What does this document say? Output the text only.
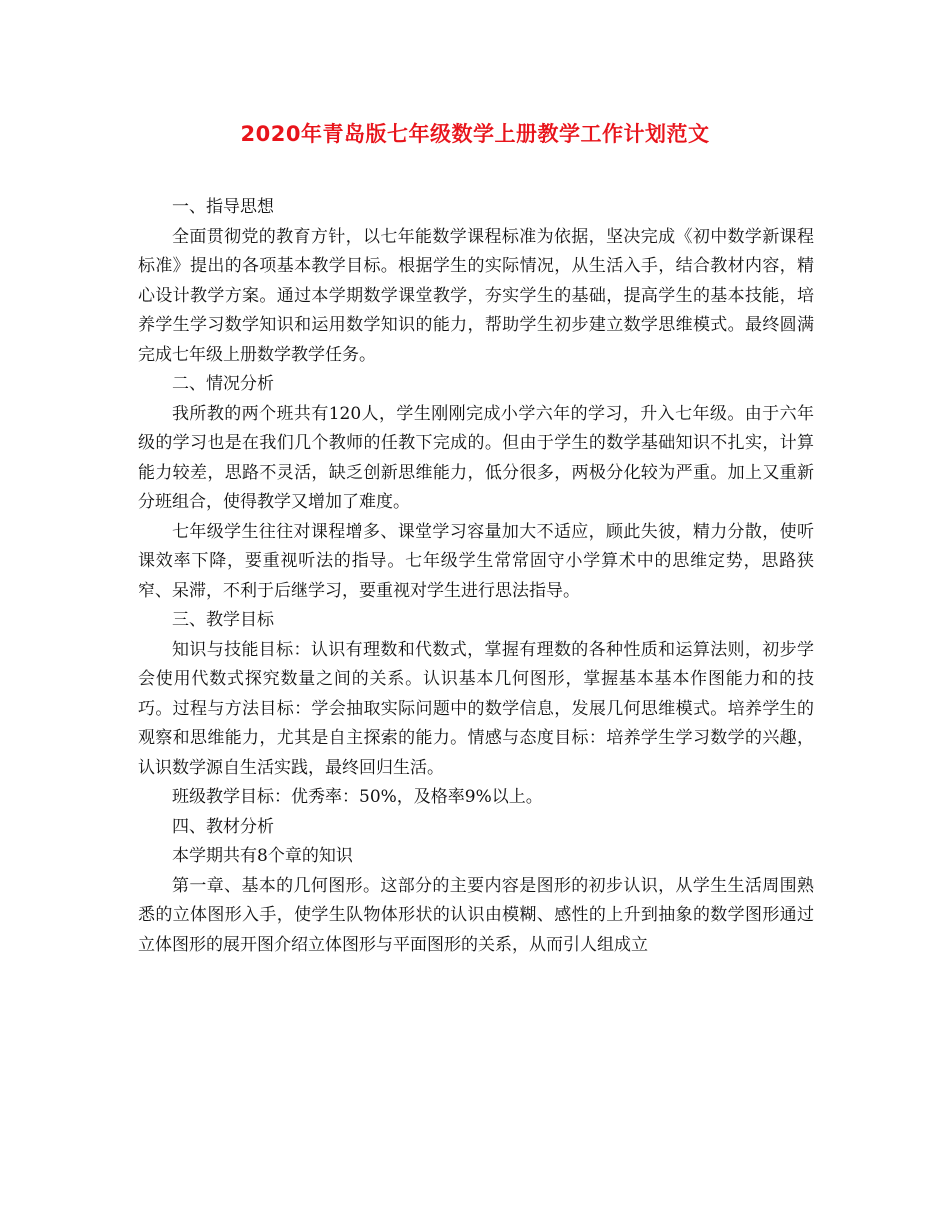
2020年青岛版七年级数学上册教学工作计划范文

一、指导思想

全面贯彻党的教育方针，以七年能数学课程标准为依据，坚决完成《初中数学新课程标准》提出的各项基本教学目标。根据学生的实际情况，从生活入手，结合教材内容，精心设计教学方案。通过本学期数学课堂教学，夯实学生的基础，提高学生的基本技能，培养学生学习数学知识和运用数学知识的能力，帮助学生初步建立数学思维模式。最终圆满完成七年级上册数学教学任务。

二、情况分析

我所教的两个班共有120人，学生刚刚完成小学六年的学习，升入七年级。由于六年级的学习也是在我们几个教师的任教下完成的。但由于学生的数学基础知识不扎实，计算能力较差，思路不灵活，缺乏创新思维能力，低分很多，两极分化较为严重。加上又重新分班组合，使得教学又增加了难度。

七年级学生往往对课程增多、课堂学习容量加大不适应，顾此失彼，精力分散，使听课效率下降，要重视听法的指导。七年级学生常常固守小学算术中的思维定势，思路狭窄、呆滞，不利于后继学习，要重视对学生进行思法指导。

三、教学目标

知识与技能目标：认识有理数和代数式，掌握有理数的各种性质和运算法则，初步学会使用代数式探究数量之间的关系。认识基本几何图形，掌握基本基本作图能力和的技巧。过程与方法目标：学会抽取实际问题中的数学信息，发展几何思维模式。培养学生的观察和思维能力，尤其是自主探索的能力。情感与态度目标：培养学生学习数学的兴趣，认识数学源自生活实践，最终回归生活。

班级教学目标：优秀率：50%，及格率9%以上。

四、教材分析

本学期共有8个章的知识

第一章、基本的几何图形。这部分的主要内容是图形的初步认识，从学生生活周围熟悉的立体图形入手，使学生队物体形状的认识由模糊、感性的上升到抽象的数学图形通过立体图形的展开图介绍立体图形与平面图形的关系，从而引人组成立
